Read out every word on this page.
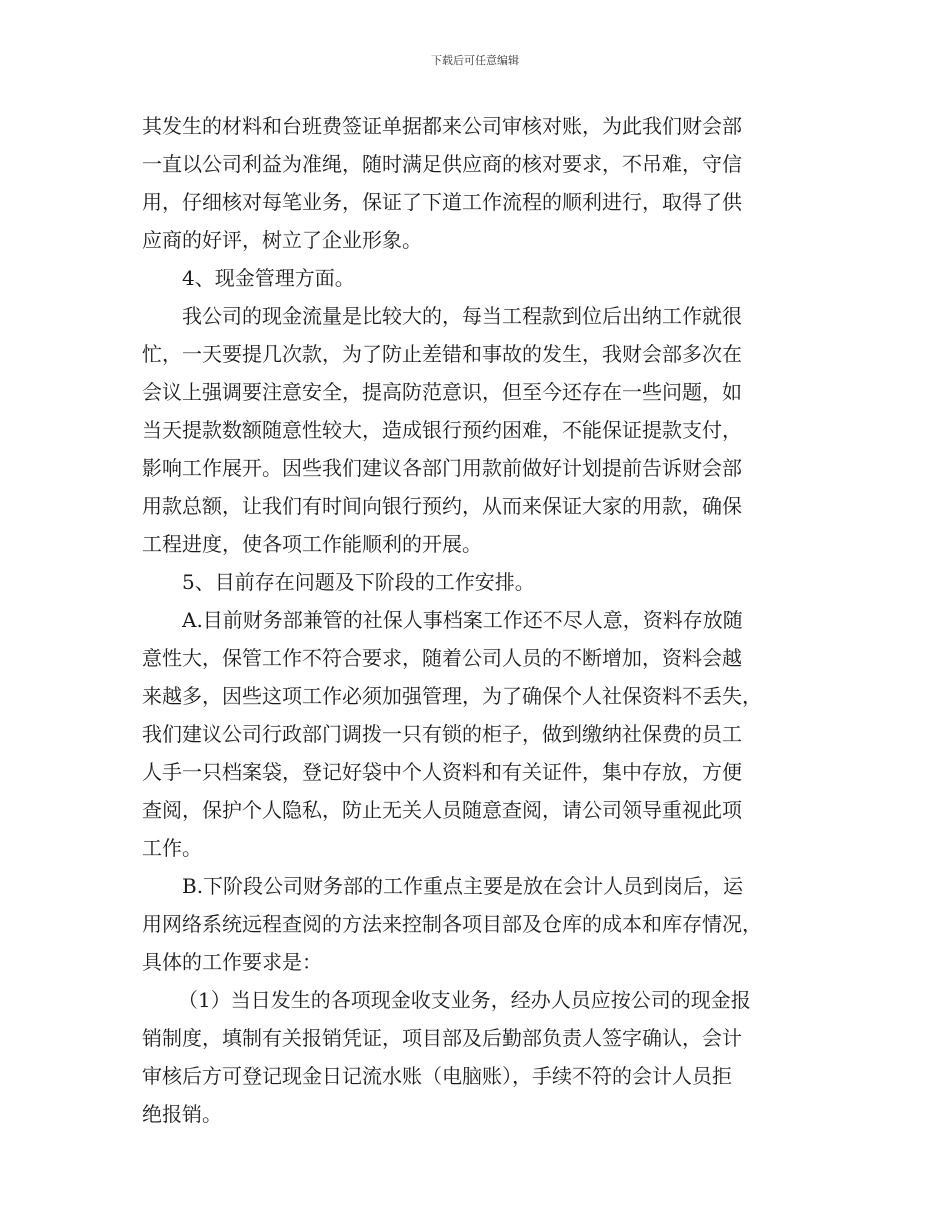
下载后可任意编辑
其发生的材料和台班费签证单据都来公司审核对账，为此我们财会部
一直以公司利益为准绳，随时满足供应商的核对要求，不吊难，守信
用，仔细核对每笔业务，保证了下道工作流程的顺利进行，取得了供
应商的好评，树立了企业形象。
4、现金管理方面。
我公司的现金流量是比较大的，每当工程款到位后出纳工作就很
忙，一天要提几次款，为了防止差错和事故的发生，我财会部多次在
会议上强调要注意安全，提高防范意识，但至今还存在一些问题，如
当天提款数额随意性较大，造成银行预约困难，不能保证提款支付，
影响工作展开。因些我们建议各部门用款前做好计划提前告诉财会部
用款总额，让我们有时间向银行预约，从而来保证大家的用款，确保
工程进度，使各项工作能顺利的开展。
5、目前存在问题及下阶段的工作安排。
A.目前财务部兼管的社保人事档案工作还不尽人意，资料存放随
意性大，保管工作不符合要求，随着公司人员的不断增加，资料会越
来越多，因些这项工作必须加强管理，为了确保个人社保资料不丢失，
我们建议公司行政部门调拨一只有锁的柜子，做到缴纳社保费的员工
人手一只档案袋，登记好袋中个人资料和有关证件，集中存放，方便
查阅，保护个人隐私，防止无关人员随意查阅，请公司领导重视此项
工作。
B.下阶段公司财务部的工作重点主要是放在会计人员到岗后，运
用网络系统远程查阅的方法来控制各项目部及仓库的成本和库存情况，
具体的工作要求是：
（1）当日发生的各项现金收支业务，经办人员应按公司的现金报
销制度，填制有关报销凭证，项目部及后勤部负责人签字确认，会计
审核后方可登记现金日记流水账（电脑账），手续不符的会计人员拒
绝报销。
